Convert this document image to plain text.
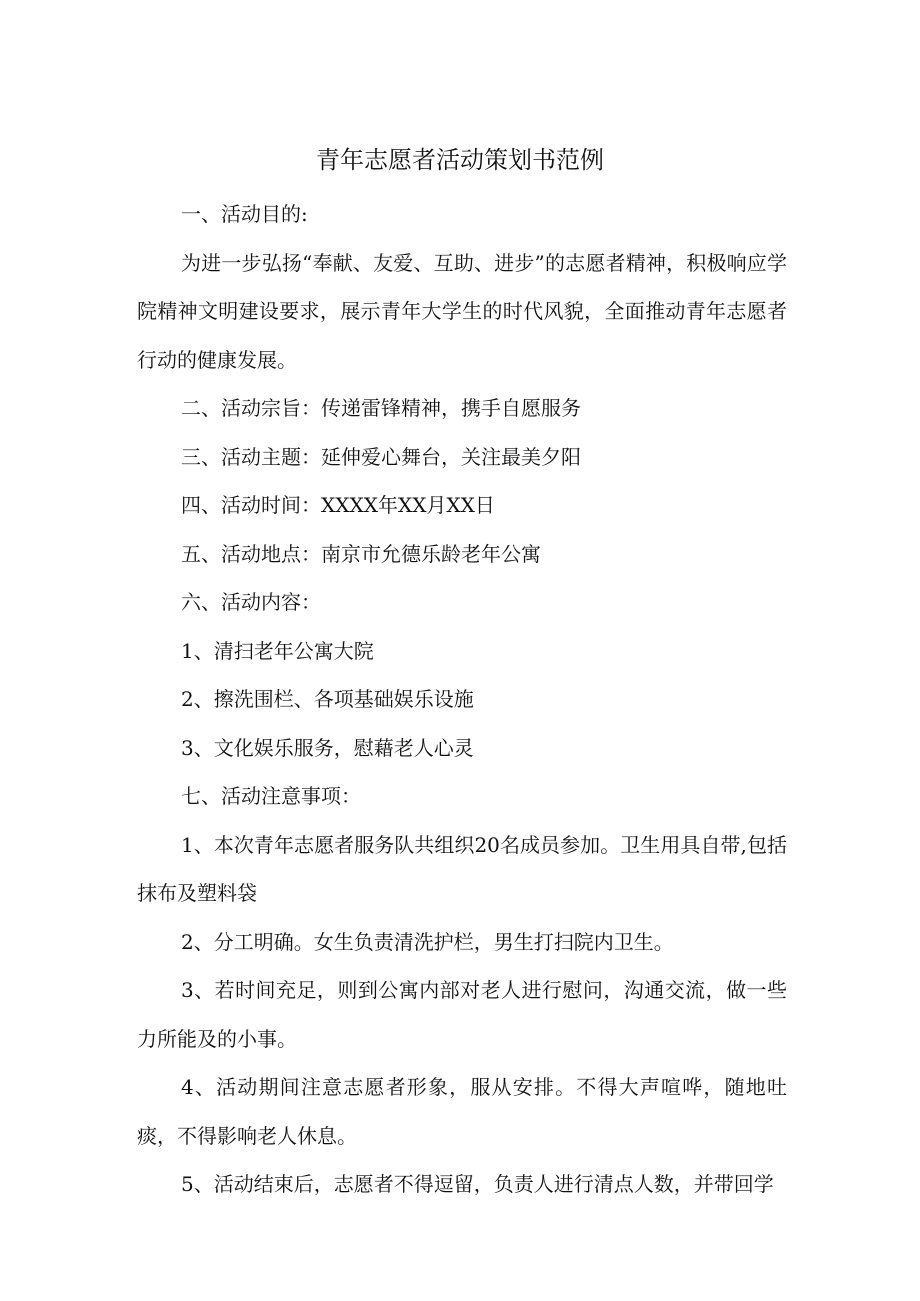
青年志愿者活动策划书范例

一、活动目的:

为进一步弘扬“奉献、友爱、互助、进步”的志愿者精神，积极响应学院精神文明建设要求，展示青年大学生的时代风貌，全面推动青年志愿者行动的健康发展。

二、活动宗旨：传递雷锋精神，携手自愿服务

三、活动主题：延伸爱心舞台，关注最美夕阳

四、活动时间：XXXX年XX月XX日

五、活动地点：南京市允德乐龄老年公寓

六、活动内容：

1、清扫老年公寓大院

2、擦洗围栏、各项基础娱乐设施

3、文化娱乐服务，慰藉老人心灵

七、活动注意事项：

1、本次青年志愿者服务队共组织20名成员参加。卫生用具自带,包括抹布及塑料袋

2、分工明确。女生负责清洗护栏，男生打扫院内卫生。

3、若时间充足，则到公寓内部对老人进行慰问，沟通交流，做一些力所能及的小事。

4、活动期间注意志愿者形象，服从安排。不得大声喧哗，随地吐痰，不得影响老人休息。

5、活动结束后，志愿者不得逗留，负责人进行清点人数，并带回学
